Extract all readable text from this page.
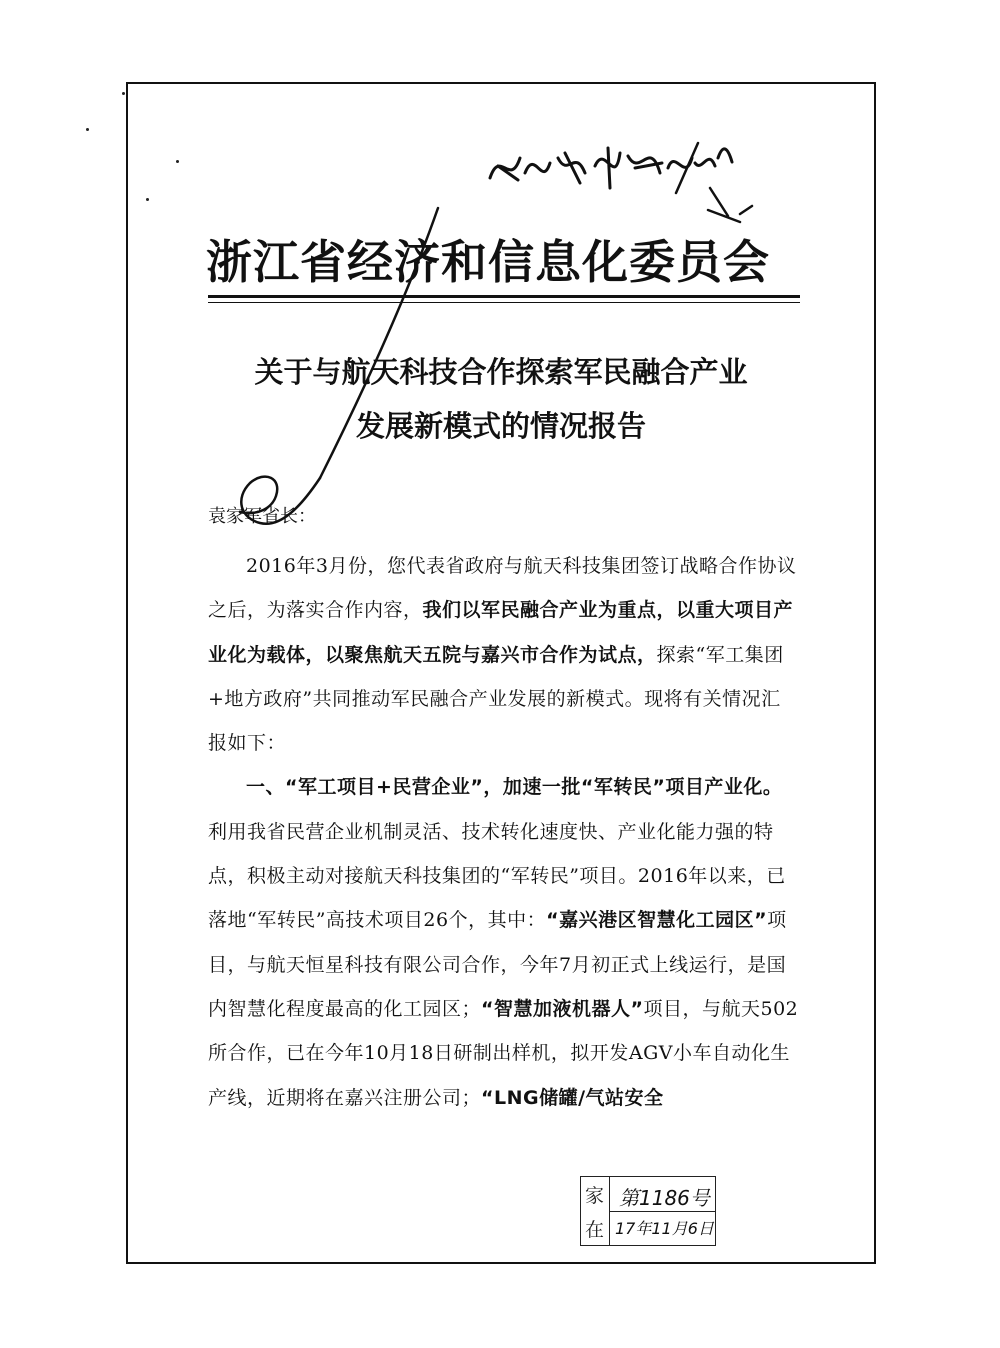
浙江省经济和信息化委员会
关于与航天科技合作探索军民融合产业
发展新模式的情况报告
袁家军省长：

2016年3月份，您代表省政府与航天科技集团签订战略合作协议之后，为落实合作内容，我们以军民融合产业为重点，以重大项目产业化为载体，以聚焦航天五院与嘉兴市合作为试点，探索“军工集团+地方政府”共同推动军民融合产业发展的新模式。现将有关情况汇报如下：

一、“军工项目+民营企业”，加速一批“军转民”项目产业化。利用我省民营企业机制灵活、技术转化速度快、产业化能力强的特点，积极主动对接航天科技集团的“军转民”项目。2016年以来，已落地“军转民”高技术项目26个，其中：“嘉兴港区智慧化工园区”项目，与航天恒星科技有限公司合作，今年7月初正式上线运行，是国内智慧化程度最高的化工园区；“智慧加液机器人”项目，与航天502所合作，已在今年10月18日研制出样机，拟开发AGV小车自动化生产线，近期将在嘉兴注册公司；“LNG储罐/气站安全

家
在
第1186号
17年11月6日
